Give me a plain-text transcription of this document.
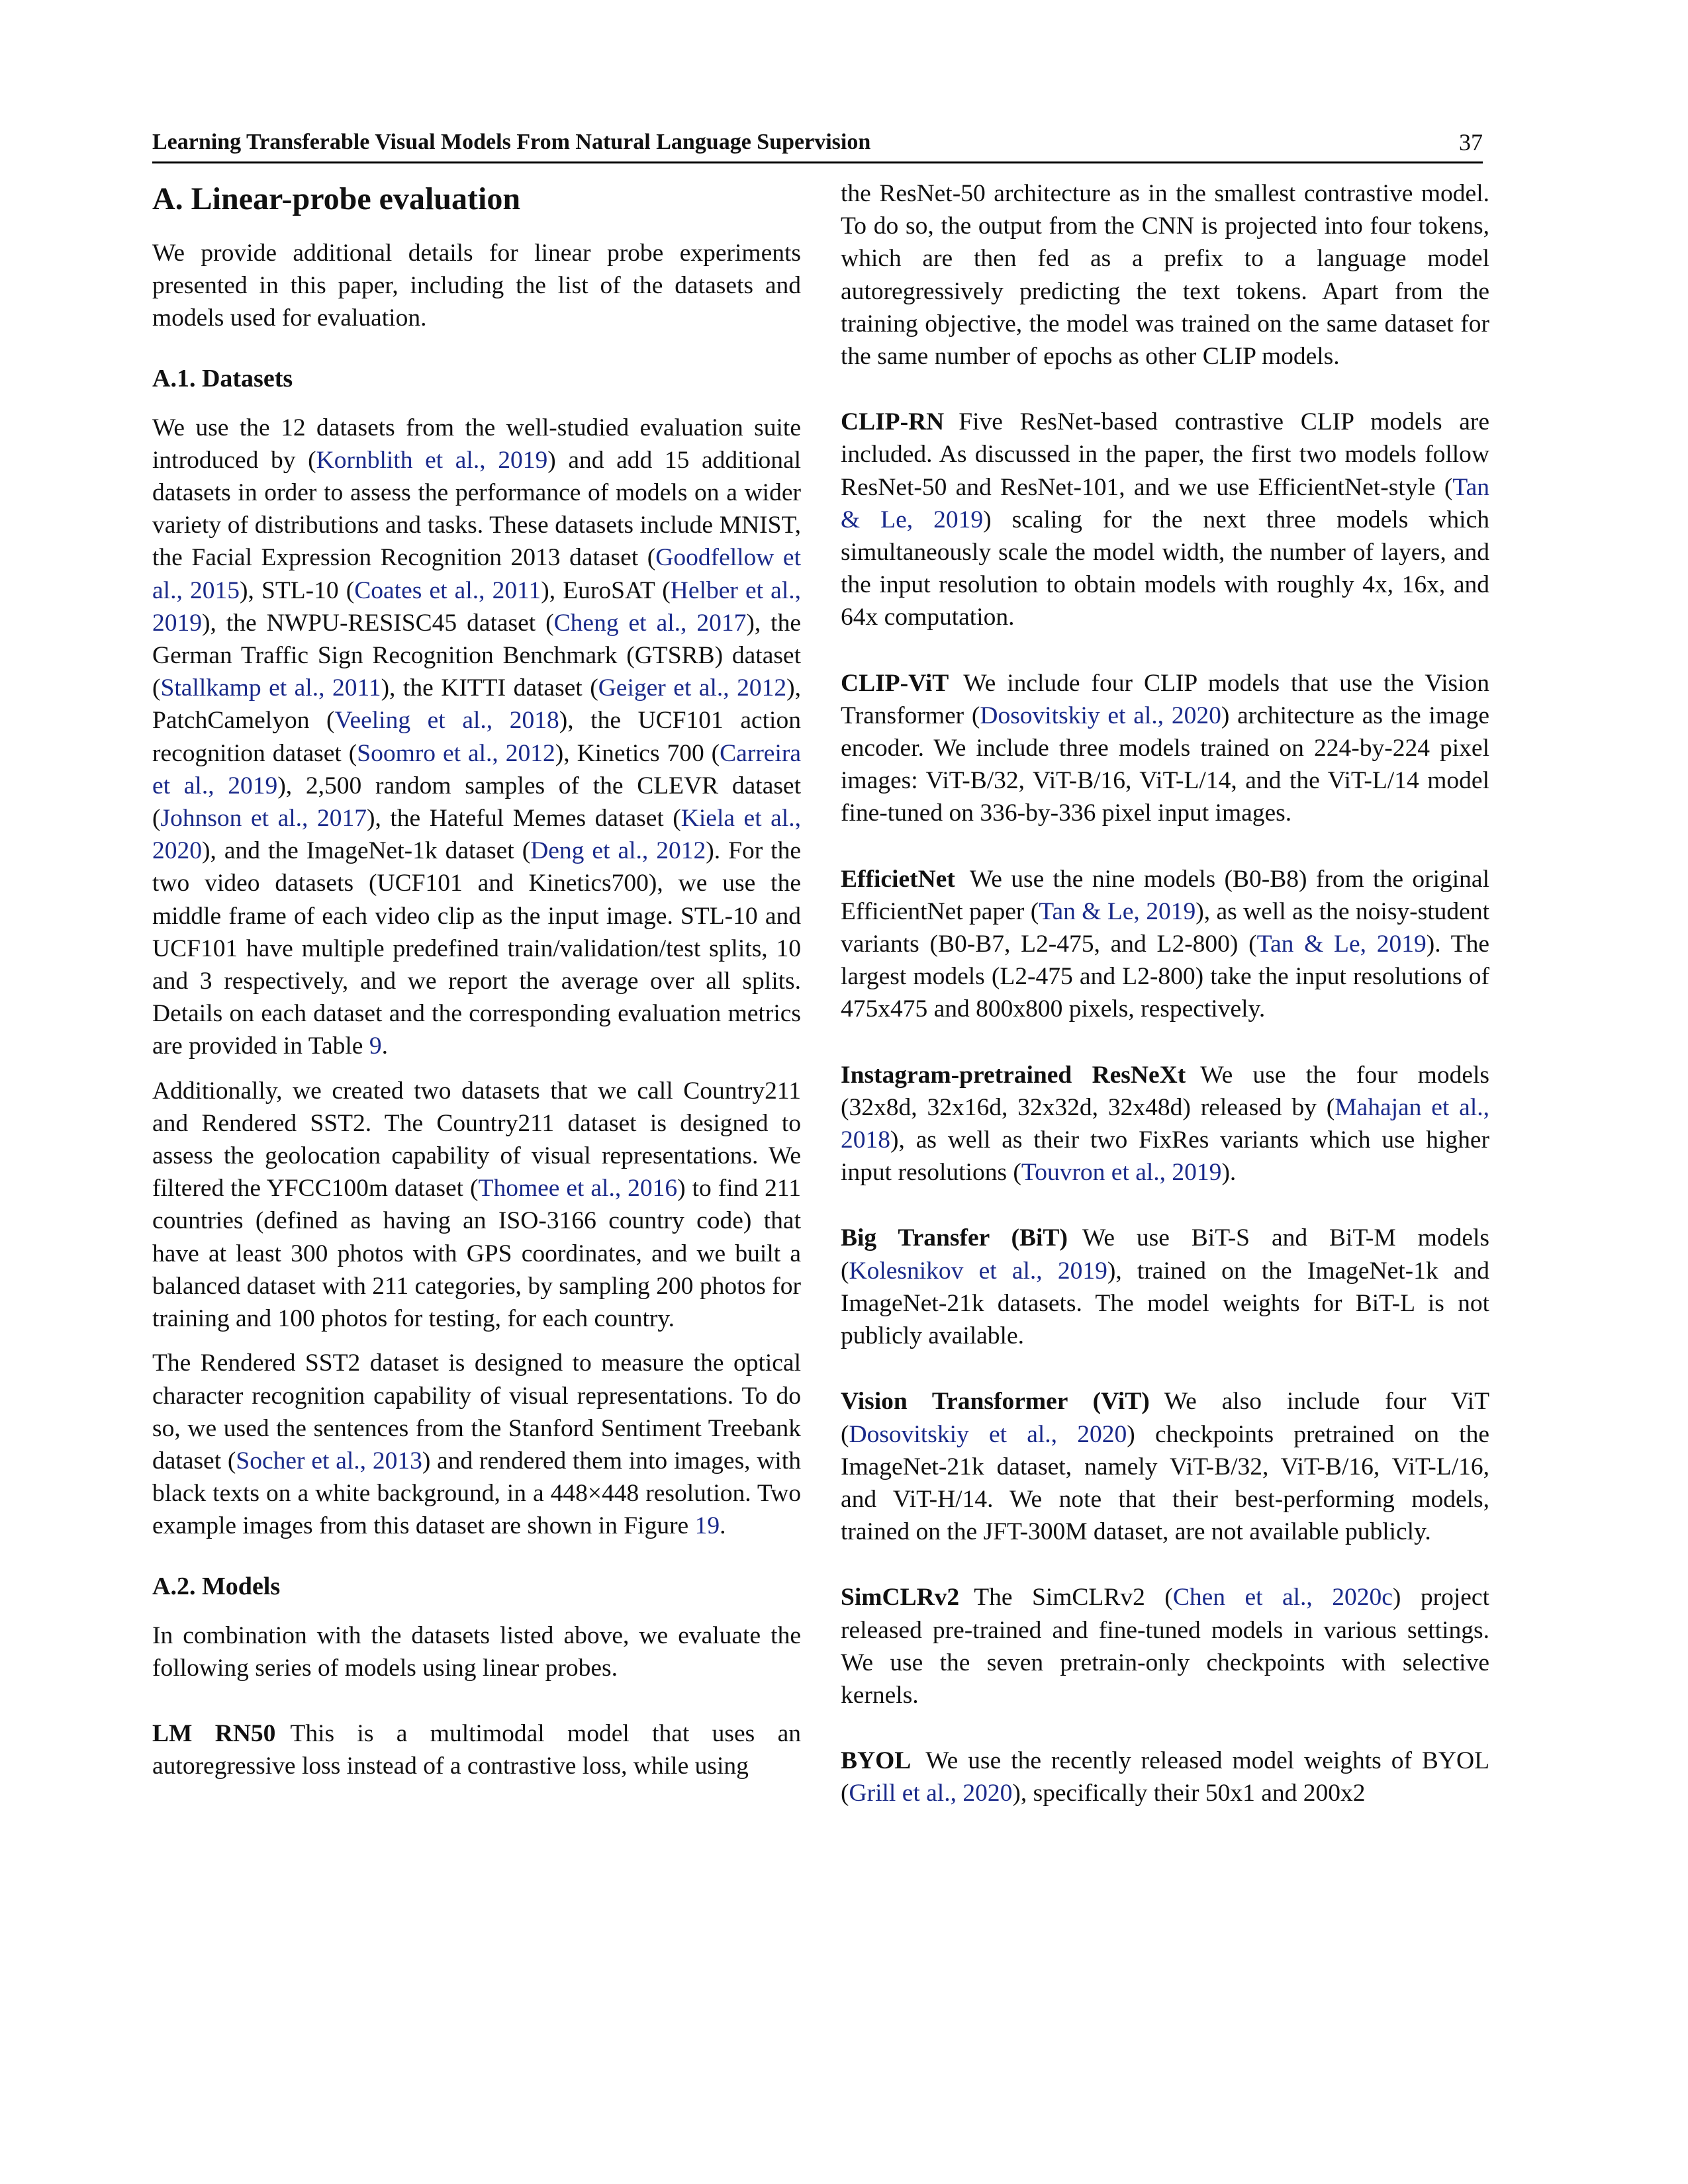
Learning Transferable Visual Models From Natural Language Supervision	37
A. Linear-probe evaluation

We provide additional details for linear probe experiments presented in this paper, including the list of the datasets and models used for evaluation.

A.1. Datasets

We use the 12 datasets from the well-studied evaluation suite introduced by (Kornblith et al., 2019) and add 15 additional datasets in order to assess the performance of models on a wider variety of distributions and tasks. These datasets include MNIST, the Facial Expression Recognition 2013 dataset (Goodfellow et al., 2015), STL-10 (Coates et al., 2011), EuroSAT (Helber et al., 2019), the NWPU-RESISC45 dataset (Cheng et al., 2017), the German Traffic Sign Recognition Benchmark (GTSRB) dataset (Stallkamp et al., 2011), the KITTI dataset (Geiger et al., 2012), PatchCamelyon (Veeling et al., 2018), the UCF101 action recognition dataset (Soomro et al., 2012), Kinetics 700 (Carreira et al., 2019), 2,500 random samples of the CLEVR dataset (Johnson et al., 2017), the Hateful Memes dataset (Kiela et al., 2020), and the ImageNet-1k dataset (Deng et al., 2012). For the two video datasets (UCF101 and Kinetics700), we use the middle frame of each video clip as the input image. STL-10 and UCF101 have multiple predefined train/validation/test splits, 10 and 3 respectively, and we report the average over all splits. Details on each dataset and the corresponding evaluation metrics are provided in Table 9.

Additionally, we created two datasets that we call Country211 and Rendered SST2. The Country211 dataset is designed to assess the geolocation capability of visual representations. We filtered the YFCC100m dataset (Thomee et al., 2016) to find 211 countries (defined as having an ISO-3166 country code) that have at least 300 photos with GPS coordinates, and we built a balanced dataset with 211 categories, by sampling 200 photos for training and 100 photos for testing, for each country.

The Rendered SST2 dataset is designed to measure the optical character recognition capability of visual representations. To do so, we used the sentences from the Stanford Sentiment Treebank dataset (Socher et al., 2013) and rendered them into images, with black texts on a white background, in a 448×448 resolution. Two example images from this dataset are shown in Figure 19.

A.2. Models

In combination with the datasets listed above, we evaluate the following series of models using linear probes.

LM RN50 This is a multimodal model that uses an autoregressive loss instead of a contrastive loss, while using

the ResNet-50 architecture as in the smallest contrastive model. To do so, the output from the CNN is projected into four tokens, which are then fed as a prefix to a language model autoregressively predicting the text tokens. Apart from the training objective, the model was trained on the same dataset for the same number of epochs as other CLIP models.

CLIP-RN Five ResNet-based contrastive CLIP models are included. As discussed in the paper, the first two models follow ResNet-50 and ResNet-101, and we use EfficientNet-style (Tan & Le, 2019) scaling for the next three models which simultaneously scale the model width, the number of layers, and the input resolution to obtain models with roughly 4x, 16x, and 64x computation.

CLIP-ViT We include four CLIP models that use the Vision Transformer (Dosovitskiy et al., 2020) architecture as the image encoder. We include three models trained on 224-by-224 pixel images: ViT-B/32, ViT-B/16, ViT-L/14, and the ViT-L/14 model fine-tuned on 336-by-336 pixel input images.

EfficietNet We use the nine models (B0-B8) from the original EfficientNet paper (Tan & Le, 2019), as well as the noisy-student variants (B0-B7, L2-475, and L2-800) (Tan & Le, 2019). The largest models (L2-475 and L2-800) take the input resolutions of 475x475 and 800x800 pixels, respectively.

Instagram-pretrained ResNeXt We use the four models (32x8d, 32x16d, 32x32d, 32x48d) released by (Mahajan et al., 2018), as well as their two FixRes variants which use higher input resolutions (Touvron et al., 2019).

Big Transfer (BiT) We use BiT-S and BiT-M models (Kolesnikov et al., 2019), trained on the ImageNet-1k and ImageNet-21k datasets. The model weights for BiT-L is not publicly available.

Vision Transformer (ViT) We also include four ViT (Dosovitskiy et al., 2020) checkpoints pretrained on the ImageNet-21k dataset, namely ViT-B/32, ViT-B/16, ViT-L/16, and ViT-H/14. We note that their best-performing models, trained on the JFT-300M dataset, are not available publicly.

SimCLRv2 The SimCLRv2 (Chen et al., 2020c) project released pre-trained and fine-tuned models in various settings. We use the seven pretrain-only checkpoints with selective kernels.

BYOL We use the recently released model weights of BYOL (Grill et al., 2020), specifically their 50x1 and 200x2
